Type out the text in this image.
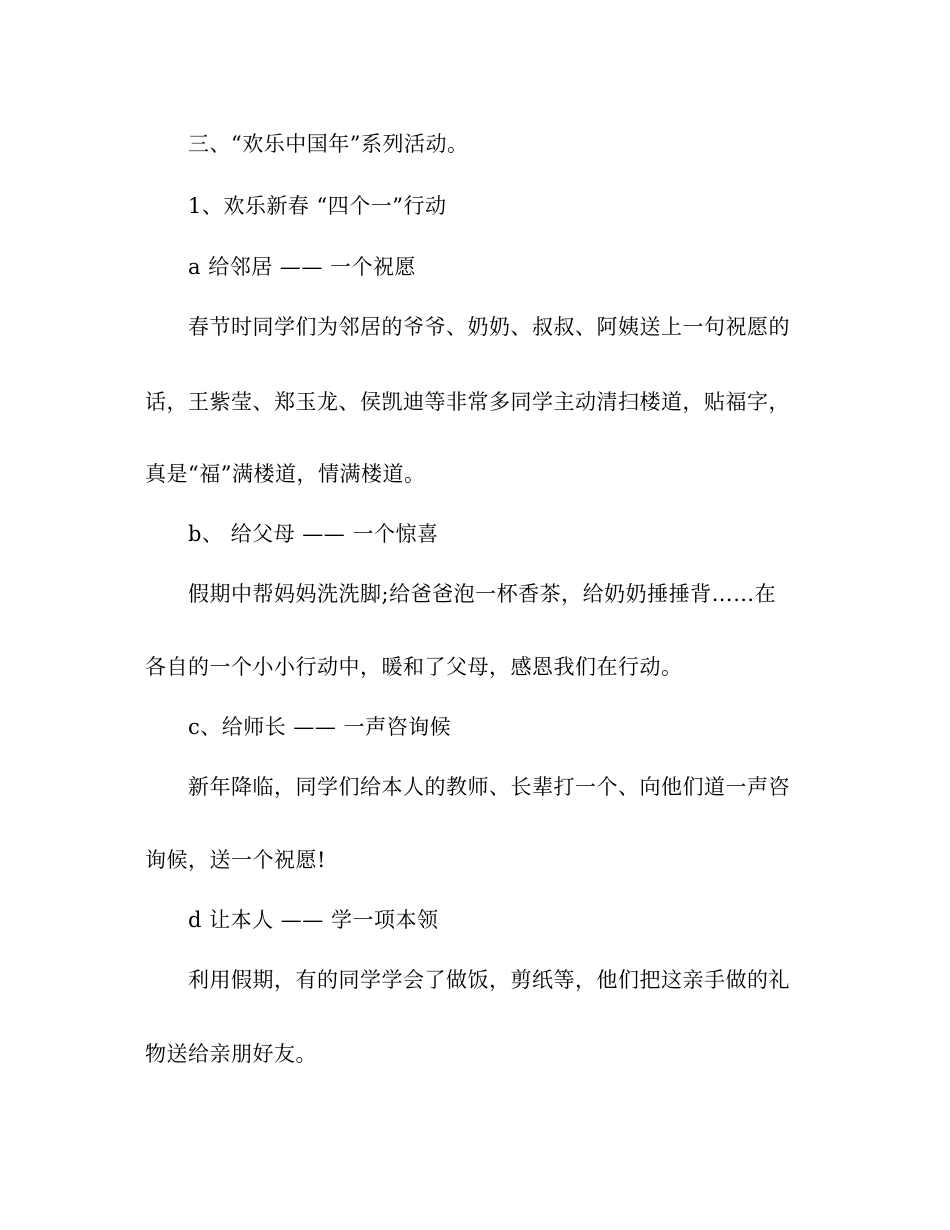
三、“欢乐中国年”系列活动。
1、欢乐新春 “四个一”行动
a 给邻居 —— 一个祝愿
春节时同学们为邻居的爷爷、奶奶、叔叔、阿姨送上一句祝愿的
话，王紫莹、郑玉龙、侯凯迪等非常多同学主动清扫楼道，贴福字，
真是“福”满楼道，情满楼道。
b、 给父母 —— 一个惊喜
假期中帮妈妈洗洗脚;给爸爸泡一杯香茶，给奶奶捶捶背……在
各自的一个小小行动中，暖和了父母，感恩我们在行动。
c、给师长 —— 一声咨询候
新年降临，同学们给本人的教师、长辈打一个、向他们道一声咨
询候，送一个祝愿!
d 让本人 —— 学一项本领
利用假期，有的同学学会了做饭，剪纸等，他们把这亲手做的礼
物送给亲朋好友。
